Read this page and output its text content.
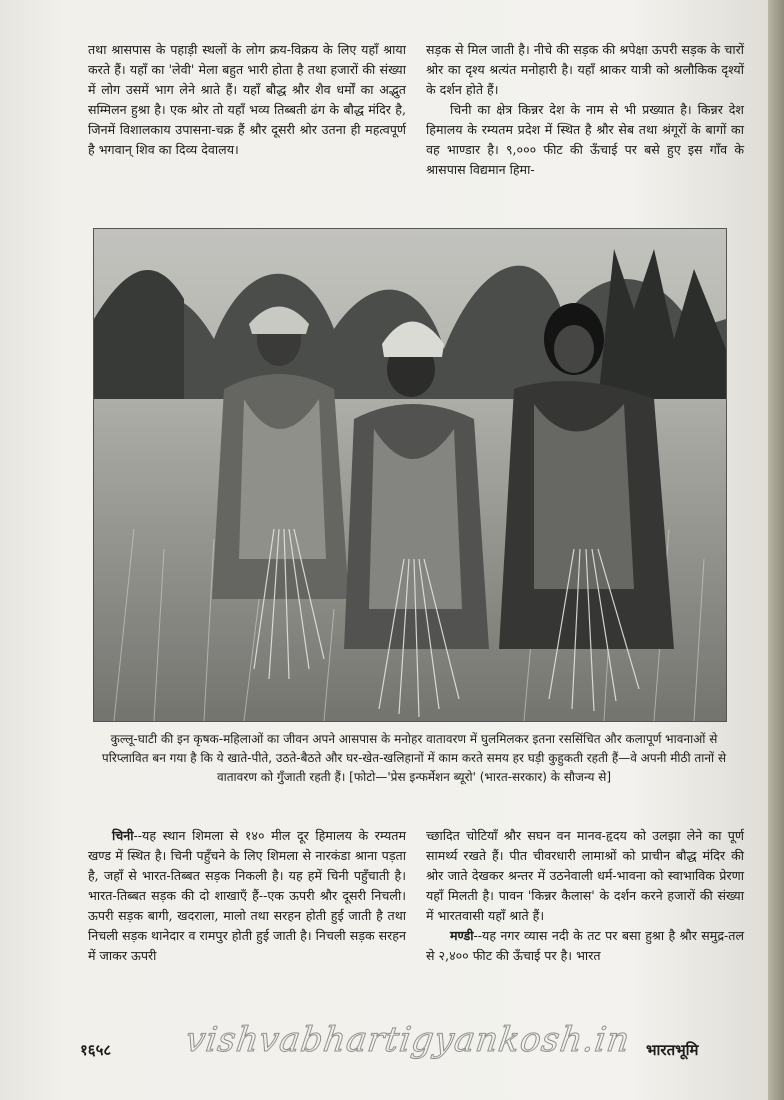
तथा श्रासपास के पहाड़ी स्थलों के लोग क्रय-विक्रय के लिए यहाँ श्राया करते हैं। यहाँ का 'लेवी' मेला बहुत भारी होता है तथा हजारों की संख्या में लोग उसमें भाग लेने श्राते हैं। यहाँ बौद्ध श्रौर शैव धर्मों का अद्भुत सम्मिलन हुश्रा है। एक श्रोर तो यहाँ भव्य तिब्बती ढंग के बौद्ध मंदिर है, जिनमें विशालकाय उपासना-चक्र हैं श्रौर दूसरी श्रोर उतना ही महत्वपूर्ण है भगवान् शिव का दिव्य देवालय।

सड़क से मिल जाती है। नीचे की सड़क की श्रपेक्षा ऊपरी सड़क के चारों श्रोर का दृश्य श्रत्यंत मनोहारी है। यहाँ श्राकर यात्री को श्रलौकिक दृश्यों के दर्शन होते हैं।

चिनी का क्षेत्र किन्नर देश के नाम से भी प्रख्यात है। किन्नर देश हिमालय के रम्यतम प्रदेश में स्थित है श्रौर सेब तथा श्रंगूरों के बागों का वह भाण्डार है। ९,००० फीट की ऊँचाई पर बसे हुए इस गाँव के श्रासपास विद्यमान हिमा-

कुल्लू-घाटी की इन कृषक-महिलाओं का जीवन अपने आसपास के मनोहर वातावरण में घुलमिलकर इतना रससिंचित और कलापूर्ण भावनाओं से परिप्लावित बन गया है कि ये खाते-पीते, उठते-बैठते और घर-खेत-खलिहानों में काम करते समय हर घड़ी कुहुकती रहती हैं—वे अपनी मीठी तानों से वातावरण को गुँजाती रहती हैं। [फोटो—'प्रेस इन्फर्मेशन ब्यूरो' (भारत-सरकार) के सौजन्य से]

चिनी--यह स्थान शिमला से १४० मील दूर हिमालय के रम्यतम खण्ड में स्थित है। चिनी पहुँचने के लिए शिमला से नारकंडा श्राना पड़ता है, जहाँ से भारत-तिब्बत सड़क निकली है। यह हमें चिनी पहुँचाती है। भारत-तिब्बत सड़क की दो शाखाएँ हैं--एक ऊपरी श्रौर दूसरी निचली। ऊपरी सड़क बागी, खदराला, मालो तथा सरहन होती हुई जाती है तथा निचली सड़क थानेदार व रामपुर होती हुई जाती है। निचली सड़क सरहन में जाकर ऊपरी

च्छादित चोटियाँ श्रौर सघन वन मानव-हृदय को उलझा लेने का पूर्ण सामर्थ्य रखते हैं। पीत चीवरधारी लामाश्रों को प्राचीन बौद्ध मंदिर की श्रोर जाते देखकर श्रन्तर में उठनेवाली धर्म-भावना को स्वाभाविक प्रेरणा यहाँ मिलती है। पावन 'किन्नर कैलास' के दर्शन करने हजारों की संख्या में भारतवासी यहाँ श्राते हैं।

मण्डी--यह नगर व्यास नदी के तट पर बसा हुश्रा है श्रौर समुद्र-तल से २,४०० फीट की ऊँचाई पर है। भारत

१६५८ vishvabhartigyankosh.in भारतभूमि
